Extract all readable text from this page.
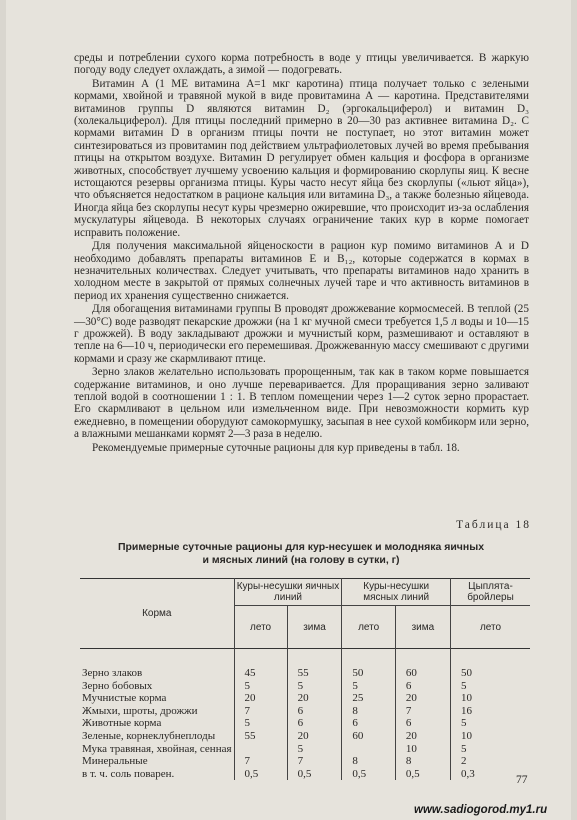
среды и потреблении сухого корма потребность в воде у птицы увеличивается. В жаркую погоду воду следует охлаждать, а зимой — подогревать.

Витамин А (1 МЕ витамина А=1 мкг каротина) птица получает только с зелеными кормами, хвойной и травяной мукой в виде провитамина А — каротина. Представителями витаминов группы D являются витамин D₂ (эргокальциферол) и витамин D₃ (холекальциферол). Для птицы последний примерно в 20—30 раз активнее витамина D₂. С кормами витамин D в организм птицы почти не поступает, но этот витамин может синтезироваться из провитамин под действием ультрафиолетовых лучей во время пребывания птицы на открытом воздухе. Витамин D регулирует обмен кальция и фосфора в организме животных, способствует лучшему усвоению кальция и формированию скорлупы яиц. К весне истощаются резервы организма птицы. Куры часто несут яйца без скорлупы («льют яйца»), что объясняется недостатком в рационе кальция или витамина D₃, а также болезнью яйцевода. Иногда яйца без скорлупы несут куры чрезмерно ожиревшие, что происходит из-за ослабления мускулатуры яйцевода. В некоторых случаях ограничение таких кур в корме помогает исправить положение.

Для получения максимальной яйценоскости в рацион кур помимо витаминов А и D необходимо добавлять препараты витаминов Е и B₁₂, которые содержатся в кормах в незначительных количествах. Следует учитывать, что препараты витаминов надо хранить в холодном месте в закрытой от прямых солнечных лучей таре и что активность витаминов в период их хранения существенно снижается.

Для обогащения витаминами группы В проводят дрожжевание кормосмесей. В теплой (25—30°С) воде разводят пекарские дрожжи (на 1 кг мучной смеси требуется 1,5 л воды и 10—15 г дрожжей). В воду закладывают дрожжи и мучнистый корм, размешивают и оставляют в тепле на 6—10 ч, периодически его перемешивая. Дрожжеванную массу смешивают с другими кормами и сразу же скармливают птице.

Зерно злаков желательно использовать пророщенным, так как в таком корме повышается содержание витаминов, и оно лучше переваривается. Для проращивания зерно заливают теплой водой в соотношении 1 : 1. В теплом помещении через 1—2 суток зерно прорастает. Его скармливают в цельном или измельченном виде. При невозможности кормить кур ежедневно, в помещении оборудуют самокормушку, засыпая в нее сухой комбикорм или зерно, а влажными мешанками кормят 2—3 раза в неделю.

Рекомендуемые примерные суточные рационы для кур приведены в табл. 18.

Таблица 18
Примерные суточные рационы для кур-несушек и молодняка яичных и мясных линий (на голову в сутки, г)
Корма	Куры-несушки яичных линий		Куры-несушки мясных линий		Цыплята-бройлеры
	лето	зима	лето	зима	лето
Зерно злаков	45	55	50	60	50
Зерно бобовых	5	5	5	6	5
Мучнистые корма	20	20	25	20	10
Жмыхи, шроты, дрожжи	7	6	8	7	16
Животные корма	5	6	6	6	5
Зеленые, корнеклубнеплоды	55	20	60	20	10
Мука травяная, хвойная, сенная		5		10	5
Минеральные	7	7	8	8	2
в т. ч. соль поварен.	0,5	0,5	0,5	0,5	0,3
77
www.sadiogorod.my1.ru
